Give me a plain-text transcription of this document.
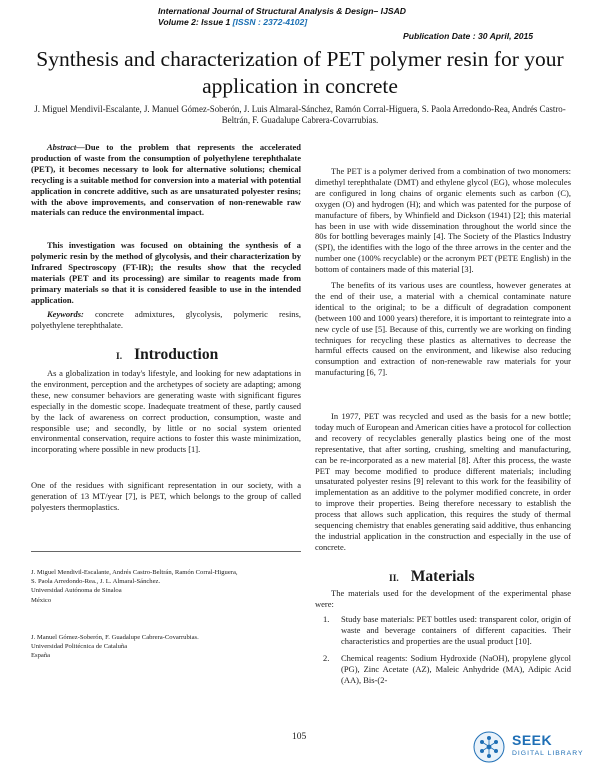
International Journal of Structural Analysis & Design– IJSAD
Volume 2: Issue 1 [ISSN : 2372-4102]
Publication Date : 30 April, 2015
Synthesis and characterization of PET polymer resin for your application in concrete
J. Miguel Mendivil-Escalante, J. Manuel Gómez-Soberón, J. Luis Almaral-Sánchez, Ramón Corral-Higuera, S. Paola Arredondo-Rea, Andrés Castro-Beltrán, F. Guadalupe Cabrera-Covarrubias.

Abstract—Due to the problem that represents the accelerated production of waste from the consumption of polyethylene terephthalate (PET), it becomes necessary to look for alternative solutions; chemical recycling is a suitable method for conversion into a material with potential application in concrete additive, such as are unsaturated polyester resins; with the above improvements, and conservation of non-renewable raw materials can reduce the environmental impact.

This investigation was focused on obtaining the synthesis of a polymeric resin by the method of glycolysis, and their characterization by Infrared Spectroscopy (FT-IR); the results show that the recycled materials (PET and its processing) are similar to reagents made from primary materials so that it is considered feasible to use in the intended application.

Keywords: concrete admixtures, glycolysis, polymeric resins, polyethylene terephthalate.

I. Introduction

As a globalization in today's lifestyle, and looking for new adaptations in the environment, perception and the archetypes of society are adapting; among these, new consumer behaviors are generating waste with significant figures especially in the domestic scope. Inadequate treatment of these, partly caused by the lack of awareness on correct production, consumption, waste and responsible use; and secondly, by little or no social system oriented environmental conservation, require actions to foster this waste minimization, incorporating where possible in new products [1].

One of the residues with significant representation in our society, with a generation of 13 MT/year [7], is PET, which belongs to the group of called polyesters thermoplastics.

J. Miguel Mendivil-Escalante, Andrés Castro-Beltrán, Ramón Corral-Higuera,

S. Paola Arredondo-Rea., J. L. Almaral-Sánchez.

Universidad Autónoma de Sinaloa

México

J. Manuel Gómez-Soberón, F. Guadalupe Cabrera-Covarrubias.

Universidad Politécnica de Cataluña

España

The PET is a polymer derived from a combination of two monomers: dimethyl terephthalate (DMT) and ethylene glycol (EG), whose molecules are configured in long chains of organic elements such as carbon (C), oxygen (O) and hydrogen (H); and which was patented for the purpose of manufacture of fibers, by Whinfield and Dickson (1941) [2]; this material has been in use with wide dissemination throughout the world since the 80s for bottling beverages mainly [4]. The Society of the Plastics Industry (SPI), the identifies with the logo of the three arrows in the center and the number one (100% recyclable) or the acronym PET (PETE English) in the bottom of containers made of this material [3].

The benefits of its various uses are countless, however generates at the end of their use, a material with a chemical contaminate nature identical to the original; to be a difficult of degradation component (between 100 and 1000 years) therefore, it is important to reintegrate into a new cycle of use [5]. Because of this, currently we are working on finding techniques for recycling these plastics as alternatives to decrease the harmful effects caused on the environment, and likewise also reducing consumption and extraction of non-renewable raw materials for your manufacturing [6, 7].

In 1977, PET was recycled and used as the basis for a new bottle; today much of European and American cities have a protocol for collection and recovery of recyclables generally plastics being one of the most representative, that after sorting, crushing, smelting and manufacturing, can be re-incorporated as a new material [8]. After this process, the waste PET may become modified to produce different materials; including unsaturated polyester resins [9] relevant to this work for the feasibility of implementation as an additive to the polymer modified concrete, in order to improve their properties. Being therefore necessary to establish the process that allows such application, this requires the study of thermal sequencing chemistry that enables generating said additive, thus enhancing the industrial application in the construction and especially in the use of concrete.

II. Materials

The materials used for the development of the experimental phase were:

1. Study base materials: PET bottles used: transparent color, origin of waste and beverage containers of different capacities. Their characteristics and properties are the usual product [10].
2. Chemical reagents: Sodium Hydroxide (NaOH), propylene glycol (PG), Zinc Acetate (AZ), Maleic Anhydride (MA), Adipic Acid (AA), Bis-(2-
105	SEEK
DIGITAL LIBRARY
